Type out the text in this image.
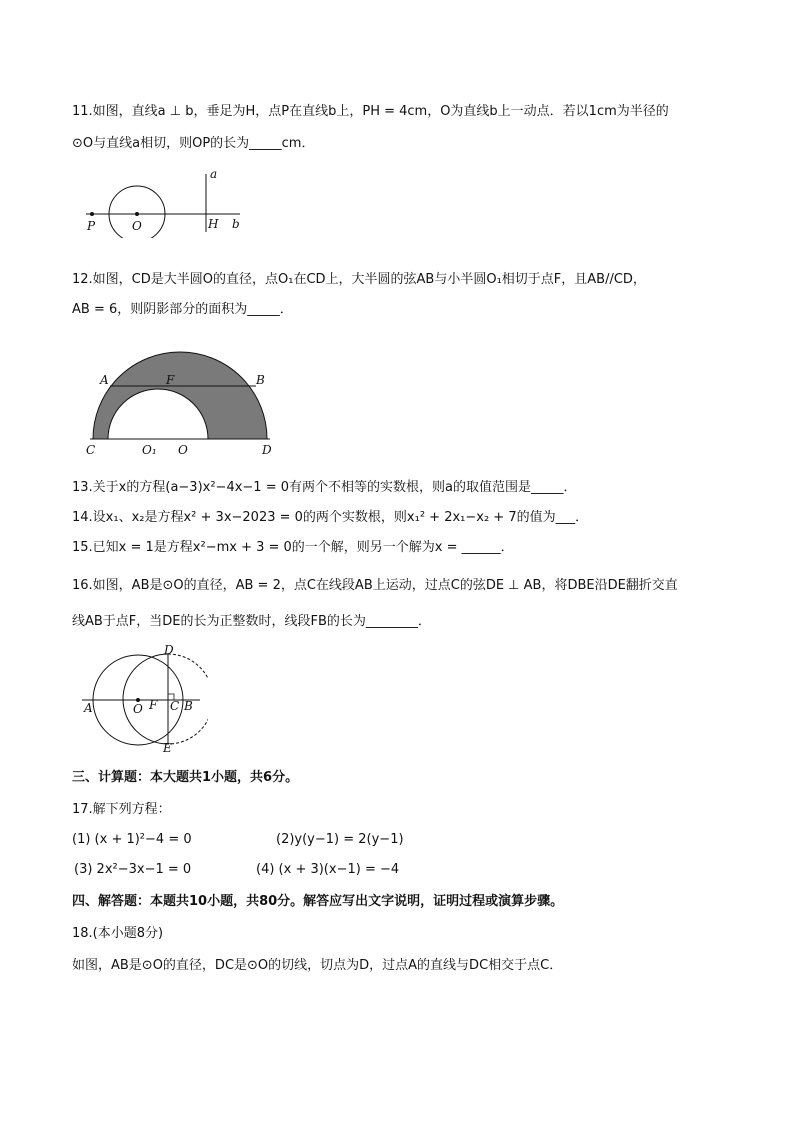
11.如图，直线a ⊥ b，垂足为H，点P在直线b上，PH = 4cm，O为直线b上一动点．若以1cm为半径的
⊙O与直线a相切，则OP的长为_____cm．
a
b
H
P	O
12.如图，CD是大半圆O的直径，点O₁在CD上，大半圆的弦AB与小半圆O₁相切于点F，且AB//CD，
AB = 6，则阴影部分的面积为_____．
A	F	B
C	O₁ O	D
13.关于x的方程(a−3)x²−4x−1 = 0有两个不相等的实数根，则a的取值范围是_____．
14.设x₁、x₂是方程x² + 3x−2023 = 0的两个实数根，则x₁² + 2x₁−x₂ + 7的值为___．
15.已知x = 1是方程x²−mx + 3 = 0的一个解，则另一个解为x = ______．
16.如图，AB是⊙O的直径，AB = 2，点C在线段AB上运动，过点C的弦DE ⊥ AB，将DBE沿DE翻折交直
线AB于点F，当DE的长为正整数时，线段FB的长为________．
D
A	O F C B
E
三、计算题：本大题共1小题，共6分。
17.解下列方程：
(1) (x + 1)²−4 = 0	(2)y(y−1) = 2(y−1)
(3) 2x²−3x−1 = 0	(4) (x + 3)(x−1) = −4
四、解答题：本题共10小题，共80分。解答应写出文字说明，证明过程或演算步骤。
18.(本小题8分)
如图，AB是⊙O的直径，DC是⊙O的切线，切点为D，过点A的直线与DC相交于点C．
